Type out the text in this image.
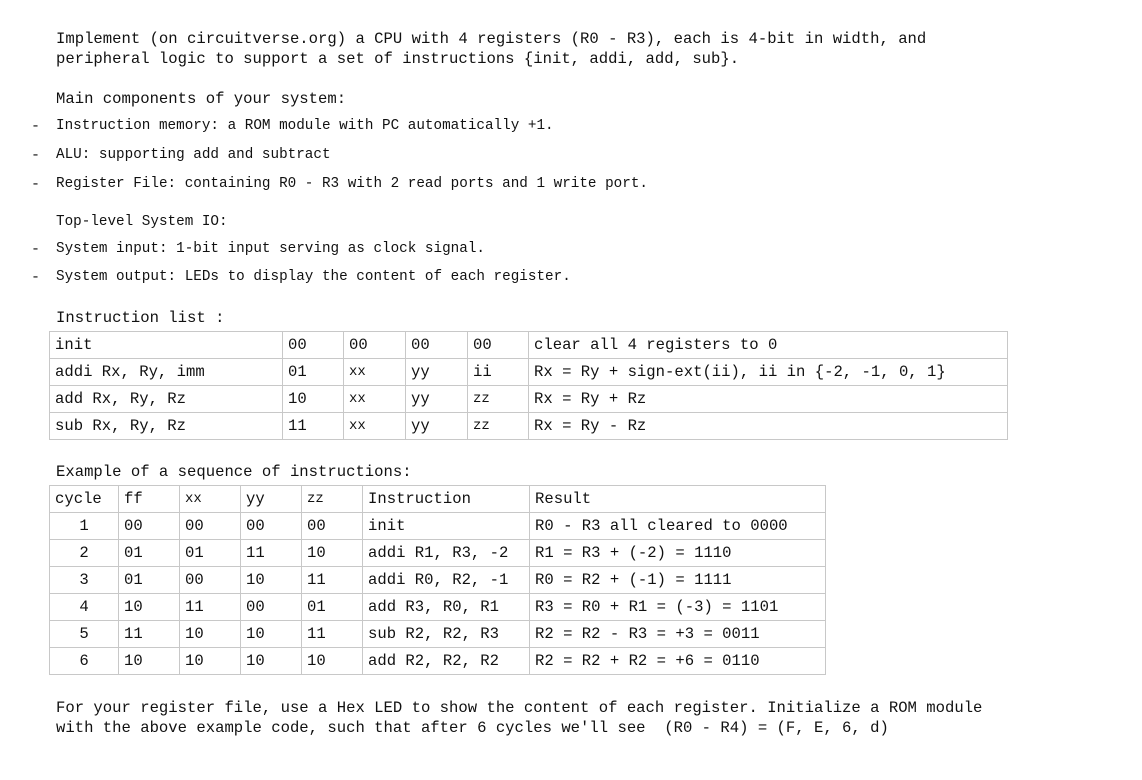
Implement (on circuitverse.org) a CPU with 4 registers (R0 - R3), each is 4-bit in width, and
peripheral logic to support a set of instructions {init, addi, add, sub}.
Main components of your system:
- Instruction memory: a ROM module with PC automatically +1.
- ALU: supporting add and subtract
- Register File: containing R0 - R3 with 2 read ports and 1 write port.
Top-level System IO:
- System input: 1-bit input serving as clock signal.
- System output: LEDs to display the content of each register.
Instruction list :
init	00	00	00	00	clear all 4 registers to 0
addi Rx, Ry, imm	01	xx	yy	ii	Rx = Ry + sign-ext(ii), ii in {-2, -1, 0, 1}
add Rx, Ry, Rz	10	xx	yy	zz	Rx = Ry + Rz
sub Rx, Ry, Rz	11	xx	yy	zz	Rx = Ry - Rz
Example of a sequence of instructions:
cycle	ff	xx	yy	zz	Instruction	Result
1	00	00	00	00	init	R0 - R3 all cleared to 0000
2	01	01	11	10	addi R1, R3, -2	R1 = R3 + (-2) = 1110
3	01	00	10	11	addi R0, R2, -1	R0 = R2 + (-1) = 1111
4	10	11	00	01	add R3, R0, R1	R3 = R0 + R1 = (-3) = 1101
5	11	10	10	11	sub R2, R2, R3	R2 = R2 - R3 = +3 = 0011
6	10	10	10	10	add R2, R2, R2	R2 = R2 + R2 = +6 = 0110
For your register file, use a Hex LED to show the content of each register. Initialize a ROM module
with the above example code, such that after 6 cycles we'll see  (R0 - R4) = (F, E, 6, d)
